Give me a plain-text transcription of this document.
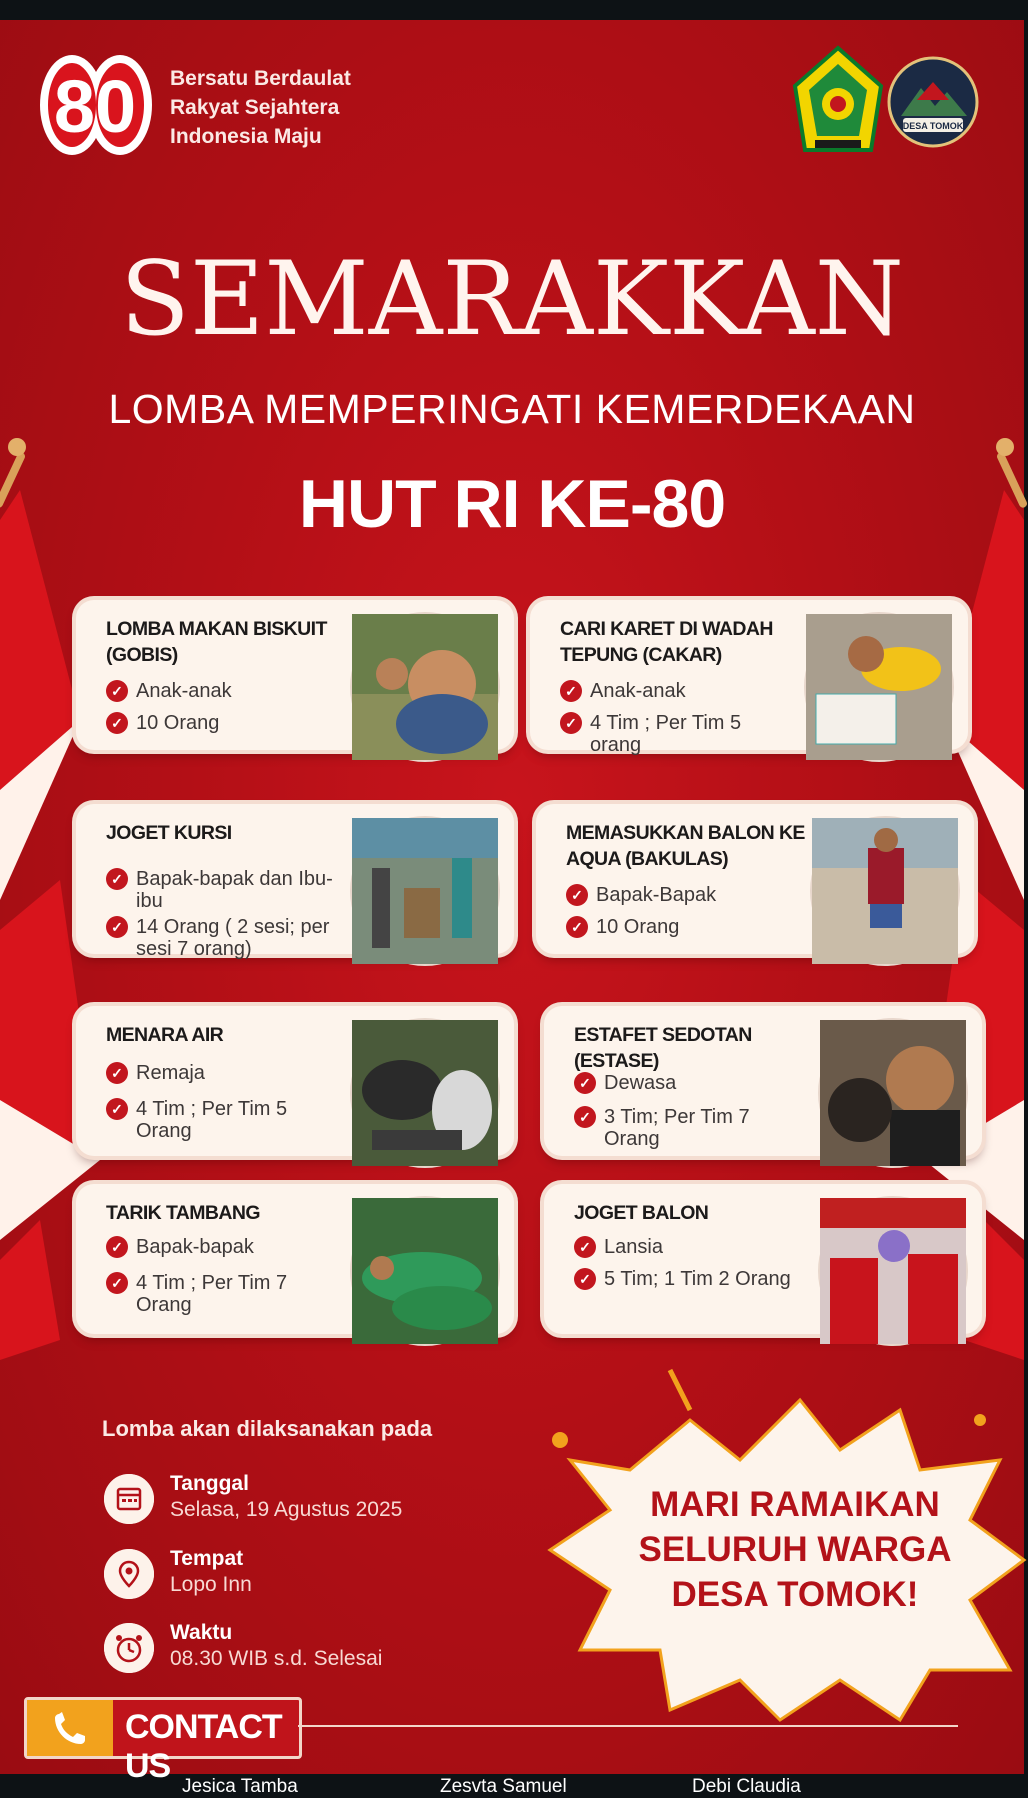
80 Bersatu Berdaulat
Rakyat Sejahtera
Indonesia Maju	DESA TOMOK
SEMARAKKAN
LOMBA MEMPERINGATI KEMERDEKAAN
HUT RI KE-80
LOMBA MAKAN BISKUIT (GOBIS)
✓ Anak-anak
✓ 10 Orang
CARI KARET DI WADAH TEPUNG (CAKAR)
✓ Anak-anak
✓ 4 Tim ; Per Tim 5 orang
JOGET KURSI
✓ Bapak-bapak dan Ibu-ibu
✓ 14 Orang ( 2 sesi; per sesi 7 orang)
MEMASUKKAN BALON KE AQUA (BAKULAS)
✓ Bapak-Bapak
✓ 10 Orang
MENARA AIR
✓ Remaja
✓ 4 Tim ; Per Tim 5 Orang
ESTAFET SEDOTAN (ESTASE)
✓ Dewasa
✓ 3 Tim; Per Tim 7 Orang
TARIK TAMBANG
✓ Bapak-bapak
✓ 4 Tim ; Per Tim 7 Orang
JOGET BALON
✓ Lansia
✓ 5 Tim; 1 Tim 2 Orang
Lomba akan dilaksanakan pada
Tanggal
Selasa, 19 Agustus 2025
Tempat
Lopo Inn
Waktu
08.30 WIB s.d. Selesai
MARI RAMAIKAN
SELURUH WARGA
DESA TOMOK!
CONTACT US
Jesica Tamba	Zesvta Samuel	Debi Claudia
